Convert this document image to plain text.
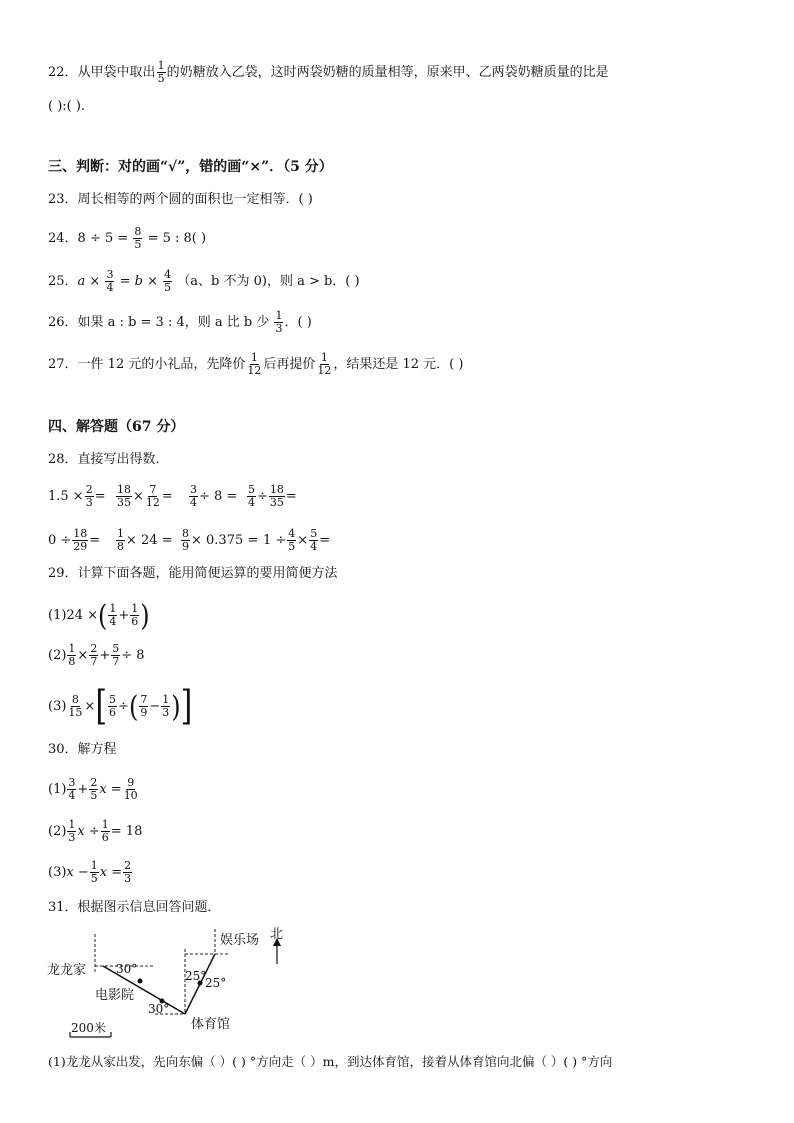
22．从甲袋中取出 $\frac{1}{5}$ 的奶糖放入乙袋，这时两袋奶糖的质量相等，原来甲、乙两袋奶糖质量的比是
( ):( ).
三、判断：对的画“√”，错的画“×”．（5 分）
23．周长相等的两个圆的面积也一定相等．( )
24．$8 \div 5 = \frac{8}{5} = 5$ : 8( )
25．$a \times \frac{3}{4} = b \times \frac{4}{5} (a$、b 不为 0)，则 a > b．( )
26．如果 a : b = 3 : 4，则 a 比 b 少 $\frac{1}{3}$ ．( )
27．一件 12 元的小礼品，先降价 $\frac{1}{12}$ 后再提价 $\frac{1}{12}$ ，结果还是 12 元．( )
四、解答题（67 分）
28．直接写出得数．
$1.5 \times \frac{2}{3} = \frac{18}{35} \times \frac{7}{12} = \frac{3}{4} \div 8 = \frac{5}{4} \div \frac{18}{35}$ =
$0 \div \frac{18}{29} = \frac{1}{8} \times 24 = \frac{8}{9} \times 0.375 = 1 \div \frac{4}{5} \times \frac{5}{4}$ =
29．计算下面各题，能用简便运算的要用简便方法
(1)24 ×( $\frac{1}{4} + \frac{1}{6}$ )
$(2) \frac{1}{8} \times \frac{2}{7} + \frac{5}{7} \div 8$
$(3) \frac{8}{15}$ ×[ $\frac{5}{6}$ ÷( $\frac{7}{9} - \frac{1}{3}$ )]
30．解方程
$(1) \frac{3}{4} + \frac{2}{5}$ $x = \frac{9}{10}$
$(2) \frac{1}{3}$ $x \div \frac{1}{6} = 18$
$(3)x - \frac{1}{5}$ $x = \frac{2}{3}$
31．根据图示信息回答问题．
龙龙家
电影院
体育馆
娱乐场 北
30°
30°
25°
25°
200米
(1)龙龙从家出发，先向东偏（ ）( ) °方向走（ ）m，到达体育馆，接着从体育馆向北偏（ ）( ) °方向
